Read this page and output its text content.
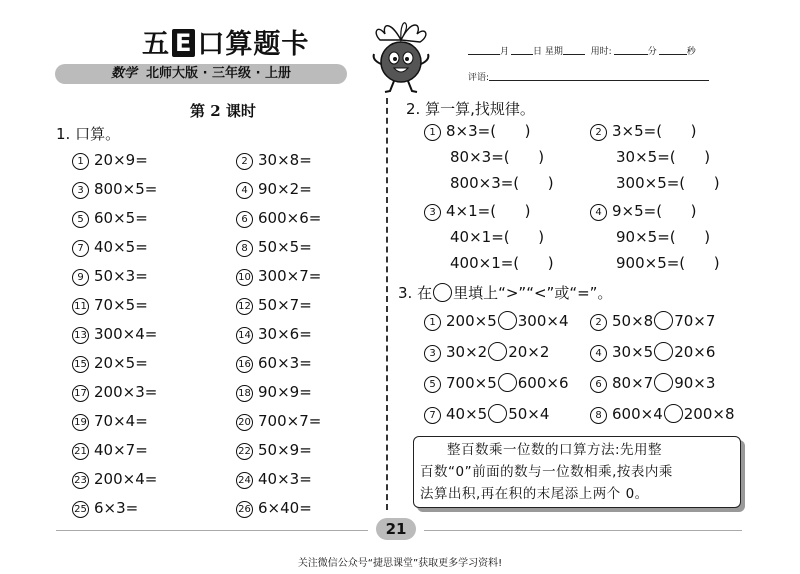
五 E 口算题卡
数学 北师大版 · 三年级 · 上册
月	日 星期	用时:	分	秒
评语:
第 2 课时
1. 口算。
1 20×9=	2 30×8=
3 800×5=	4 90×2=
5 60×5=	6 600×6=
7 40×5=	8 50×5=
9 50×3=	10 300×7=
11 70×5=	12 50×7=
13 300×4=	14 30×6=
15 20×5=	16 60×3=
17 200×3=	18 90×9=
19 70×4=	20 700×7=
21 40×7=	22 50×9=
23 200×4=	24 40×3=
25 6×3=	26 6×40=
2. 算一算,找规律。
1 8×3=(      )
80×3=(      )
800×3=(      )
2 3×5=(      )
30×5=(      )
300×5=(      )
3 4×1=(      )
40×1=(      )
400×1=(      )
4 9×5=(      )
90×5=(      )
900×5=(      )
3. 在 里填上“>”“<”或“=”。
1 200×5 300×4	2 50×8 70×7
3 30×2 20×2	4 30×5 20×6
5 700×5 600×6	6 80×7 90×3
7 40×5 50×4	8 600×4 200×8
整百数乘一位数的口算方法:先用整
百数“0”前面的数与一位数相乘,按表内乘
法算出积,再在积的末尾添上两个 0。
21
关注微信公众号“捷思课堂”获取更多学习资料!
